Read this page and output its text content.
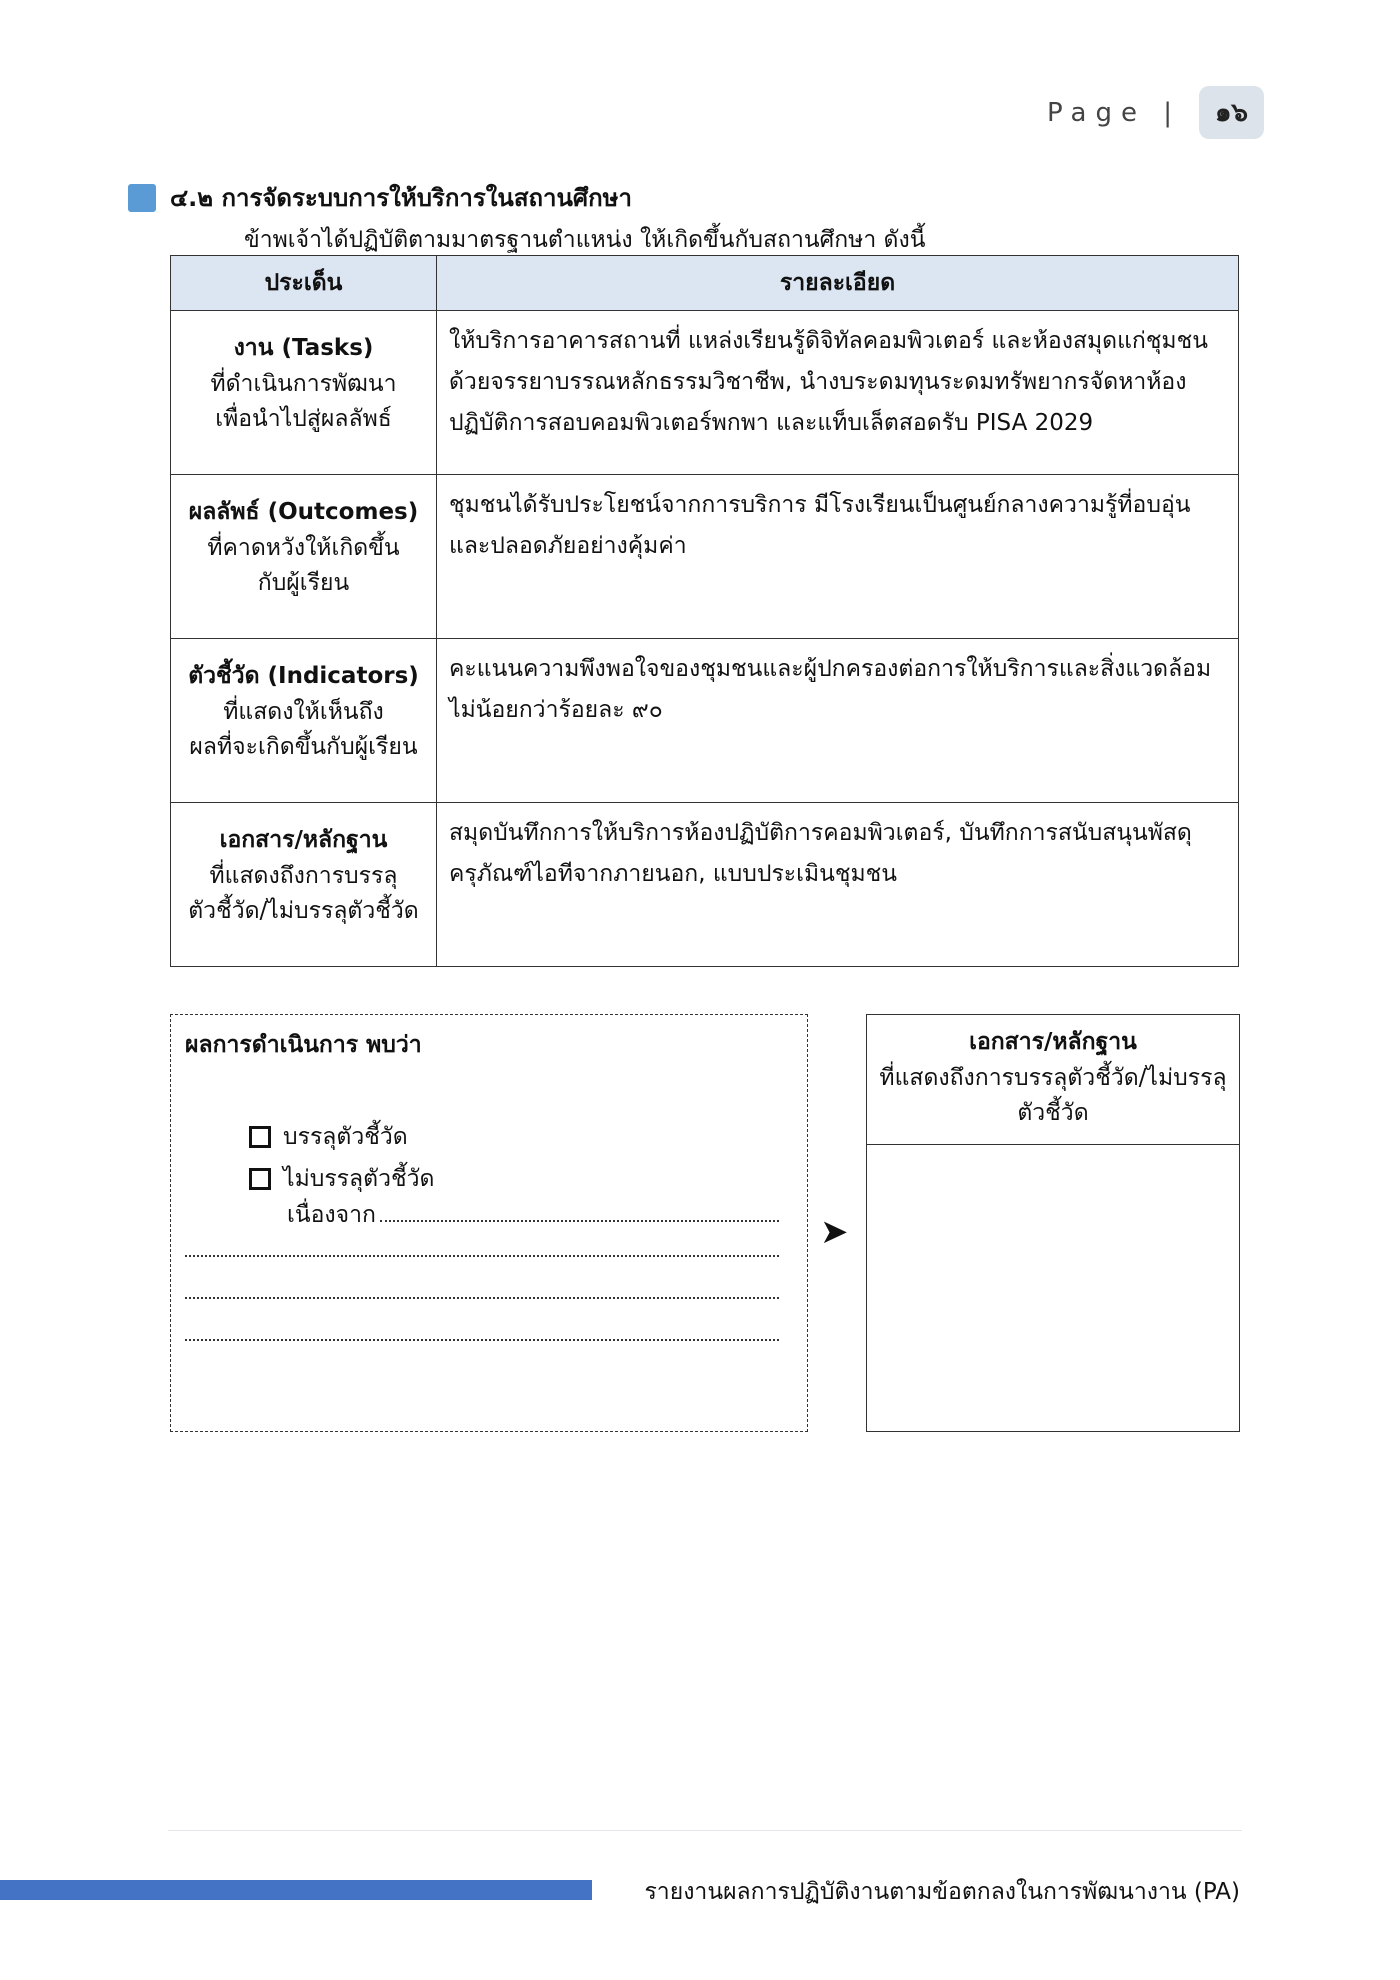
Page |	๑๖
๔.๒ การจัดระบบการให้บริการในสถานศึกษา
ข้าพเจ้าได้ปฏิบัติตามมาตรฐานตำแหน่ง ให้เกิดขึ้นกับสถานศึกษา ดังนี้
ประเด็น	รายละเอียด

งาน (Tasks)
ที่ดำเนินการพัฒนา
เพื่อนำไปสู่ผลลัพธ์	ให้บริการอาคารสถานที่ แหล่งเรียนรู้ดิจิทัลคอมพิวเตอร์ และห้องสมุดแก่ชุมชนด้วยจรรยาบรรณหลักธรรมวิชาชีพ, นำงบระดมทุนระดมทรัพยากรจัดหาห้องปฏิบัติการสอบคอมพิวเตอร์พกพา และแท็บเล็ตสอดรับ PISA 2029

ผลลัพธ์ (Outcomes)
ที่คาดหวังให้เกิดขึ้น
กับผู้เรียน	ชุมชนได้รับประโยชน์จากการบริการ มีโรงเรียนเป็นศูนย์กลางความรู้ที่อบอุ่นและปลอดภัยอย่างคุ้มค่า

ตัวชี้วัด (Indicators)
ที่แสดงให้เห็นถึง
ผลที่จะเกิดขึ้นกับผู้เรียน	คะแนนความพึงพอใจของชุมชนและผู้ปกครองต่อการให้บริการและสิ่งแวดล้อมไม่น้อยกว่าร้อยละ ๙๐

เอกสาร/หลักฐาน
ที่แสดงถึงการบรรลุ
ตัวชี้วัด/ไม่บรรลุตัวชี้วัด	สมุดบันทึกการให้บริการห้องปฏิบัติการคอมพิวเตอร์, บันทึกการสนับสนุนพัสดุครุภัณฑ์ไอทีจากภายนอก, แบบประเมินชุมชน
ผลการดำเนินการ พบว่า
บรรลุตัวชี้วัด
ไม่บรรลุตัวชี้วัด
เนื่องจาก	➤
เอกสาร/หลักฐาน
ที่แสดงถึงการบรรลุตัวชี้วัด/ไม่บรรลุตัวชี้วัด
รายงานผลการปฏิบัติงานตามข้อตกลงในการพัฒนางาน (PA)
